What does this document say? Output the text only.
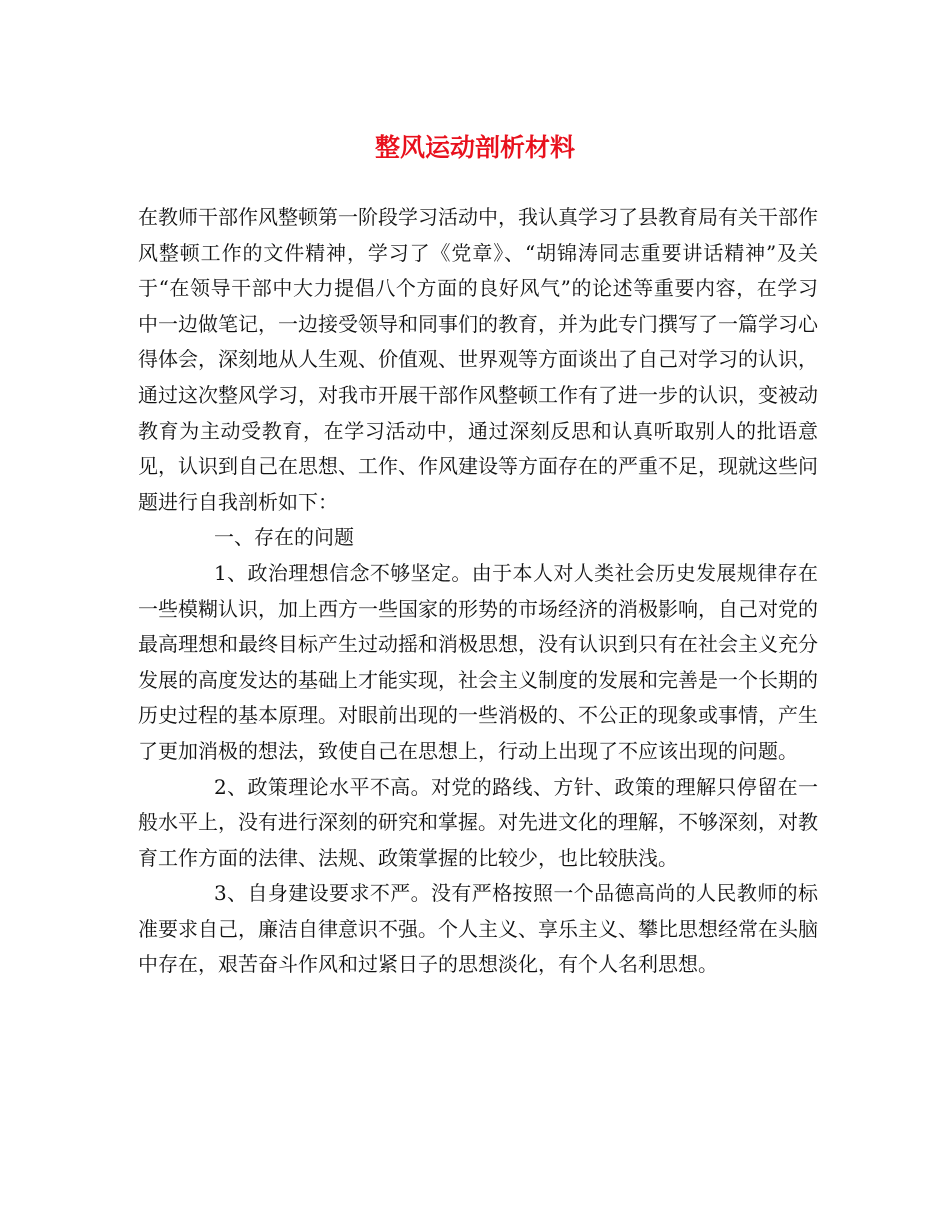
整风运动剖析材料

在教师干部作风整顿第一阶段学习活动中，我认真学习了县教育局有关干部作风整顿工作的文件精神，学习了《党章》、“胡锦涛同志重要讲话精神”及关于“在领导干部中大力提倡八个方面的良好风气”的论述等重要内容，在学习中一边做笔记，一边接受领导和同事们的教育，并为此专门撰写了一篇学习心得体会，深刻地从人生观、价值观、世界观等方面谈出了自己对学习的认识，通过这次整风学习，对我市开展干部作风整顿工作有了进一步的认识，变被动教育为主动受教育，在学习活动中，通过深刻反思和认真听取别人的批语意见，认识到自己在思想、工作、作风建设等方面存在的严重不足，现就这些问题进行自我剖析如下：

一、存在的问题

1、政治理想信念不够坚定。由于本人对人类社会历史发展规律存在一些模糊认识，加上西方一些国家的形势的市场经济的消极影响，自己对党的最高理想和最终目标产生过动摇和消极思想，没有认识到只有在社会主义充分发展的高度发达的基础上才能实现，社会主义制度的发展和完善是一个长期的历史过程的基本原理。对眼前出现的一些消极的、不公正的现象或事情，产生了更加消极的想法，致使自己在思想上，行动上出现了不应该出现的问题。

2、政策理论水平不高。对党的路线、方针、政策的理解只停留在一般水平上，没有进行深刻的研究和掌握。对先进文化的理解，不够深刻，对教育工作方面的法律、法规、政策掌握的比较少，也比较肤浅。

3、自身建设要求不严。没有严格按照一个品德高尚的人民教师的标准要求自己，廉洁自律意识不强。个人主义、享乐主义、攀比思想经常在头脑中存在，艰苦奋斗作风和过紧日子的思想淡化，有个人名利思想。
